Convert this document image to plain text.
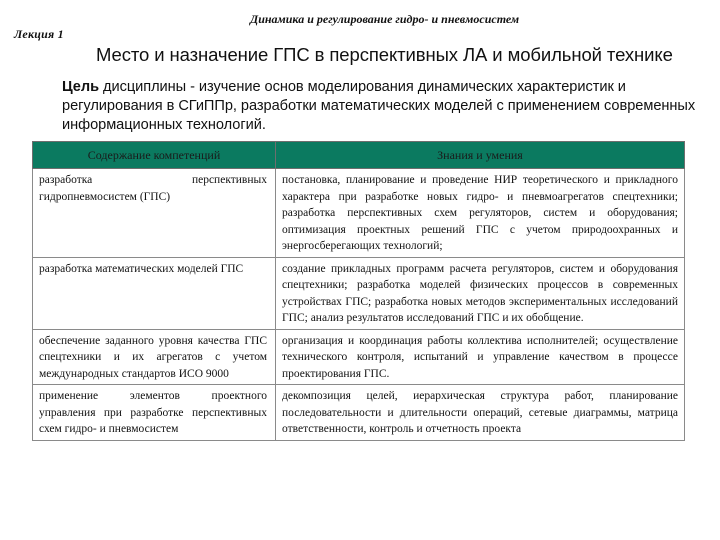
Лекция 1
Динамика и регулирование гидро- и пневмосистем
Место и назначение ГПС в перспективных ЛА и мобильной технике
Цель дисциплины - изучение основ моделирования динамических характеристик и регулирования в СГиППр, разработки математических моделей с применением современных информационных технологий.
Содержание компетенций	Знания и умения
разработка перспективных гидропневмосистем (ГПС)	постановка, планирование и проведение НИР теоретического и прикладного характера при разработке новых гидро- и пневмоагрегатов спецтехники; разработка перспективных схем регуляторов, систем и оборудования; оптимизация проектных решений ГПС с учетом природоохранных и энергосберегающих технологий;
разработка математических моделей ГПС	создание прикладных программ расчета регуляторов, систем и оборудования спецтехники; разработка моделей физических процессов в современных устройствах ГПС; разработка новых методов экспериментальных исследований ГПС; анализ результатов исследований ГПС и их обобщение.
обеспечение заданного уровня качества ГПС спецтехники и их агрегатов с учетом международных стандартов ИСО 9000	организация и координация работы коллектива исполнителей; осуществление технического контроля, испытаний и управление качеством в процессе проектирования ГПС.
применение элементов проектного управления при разработке перспективных схем гидро- и пневмосистем	декомпозиция целей, иерархическая структура работ, планирование последовательности и длительности операций, сетевые диаграммы, матрица ответственности, контроль и отчетность проекта
